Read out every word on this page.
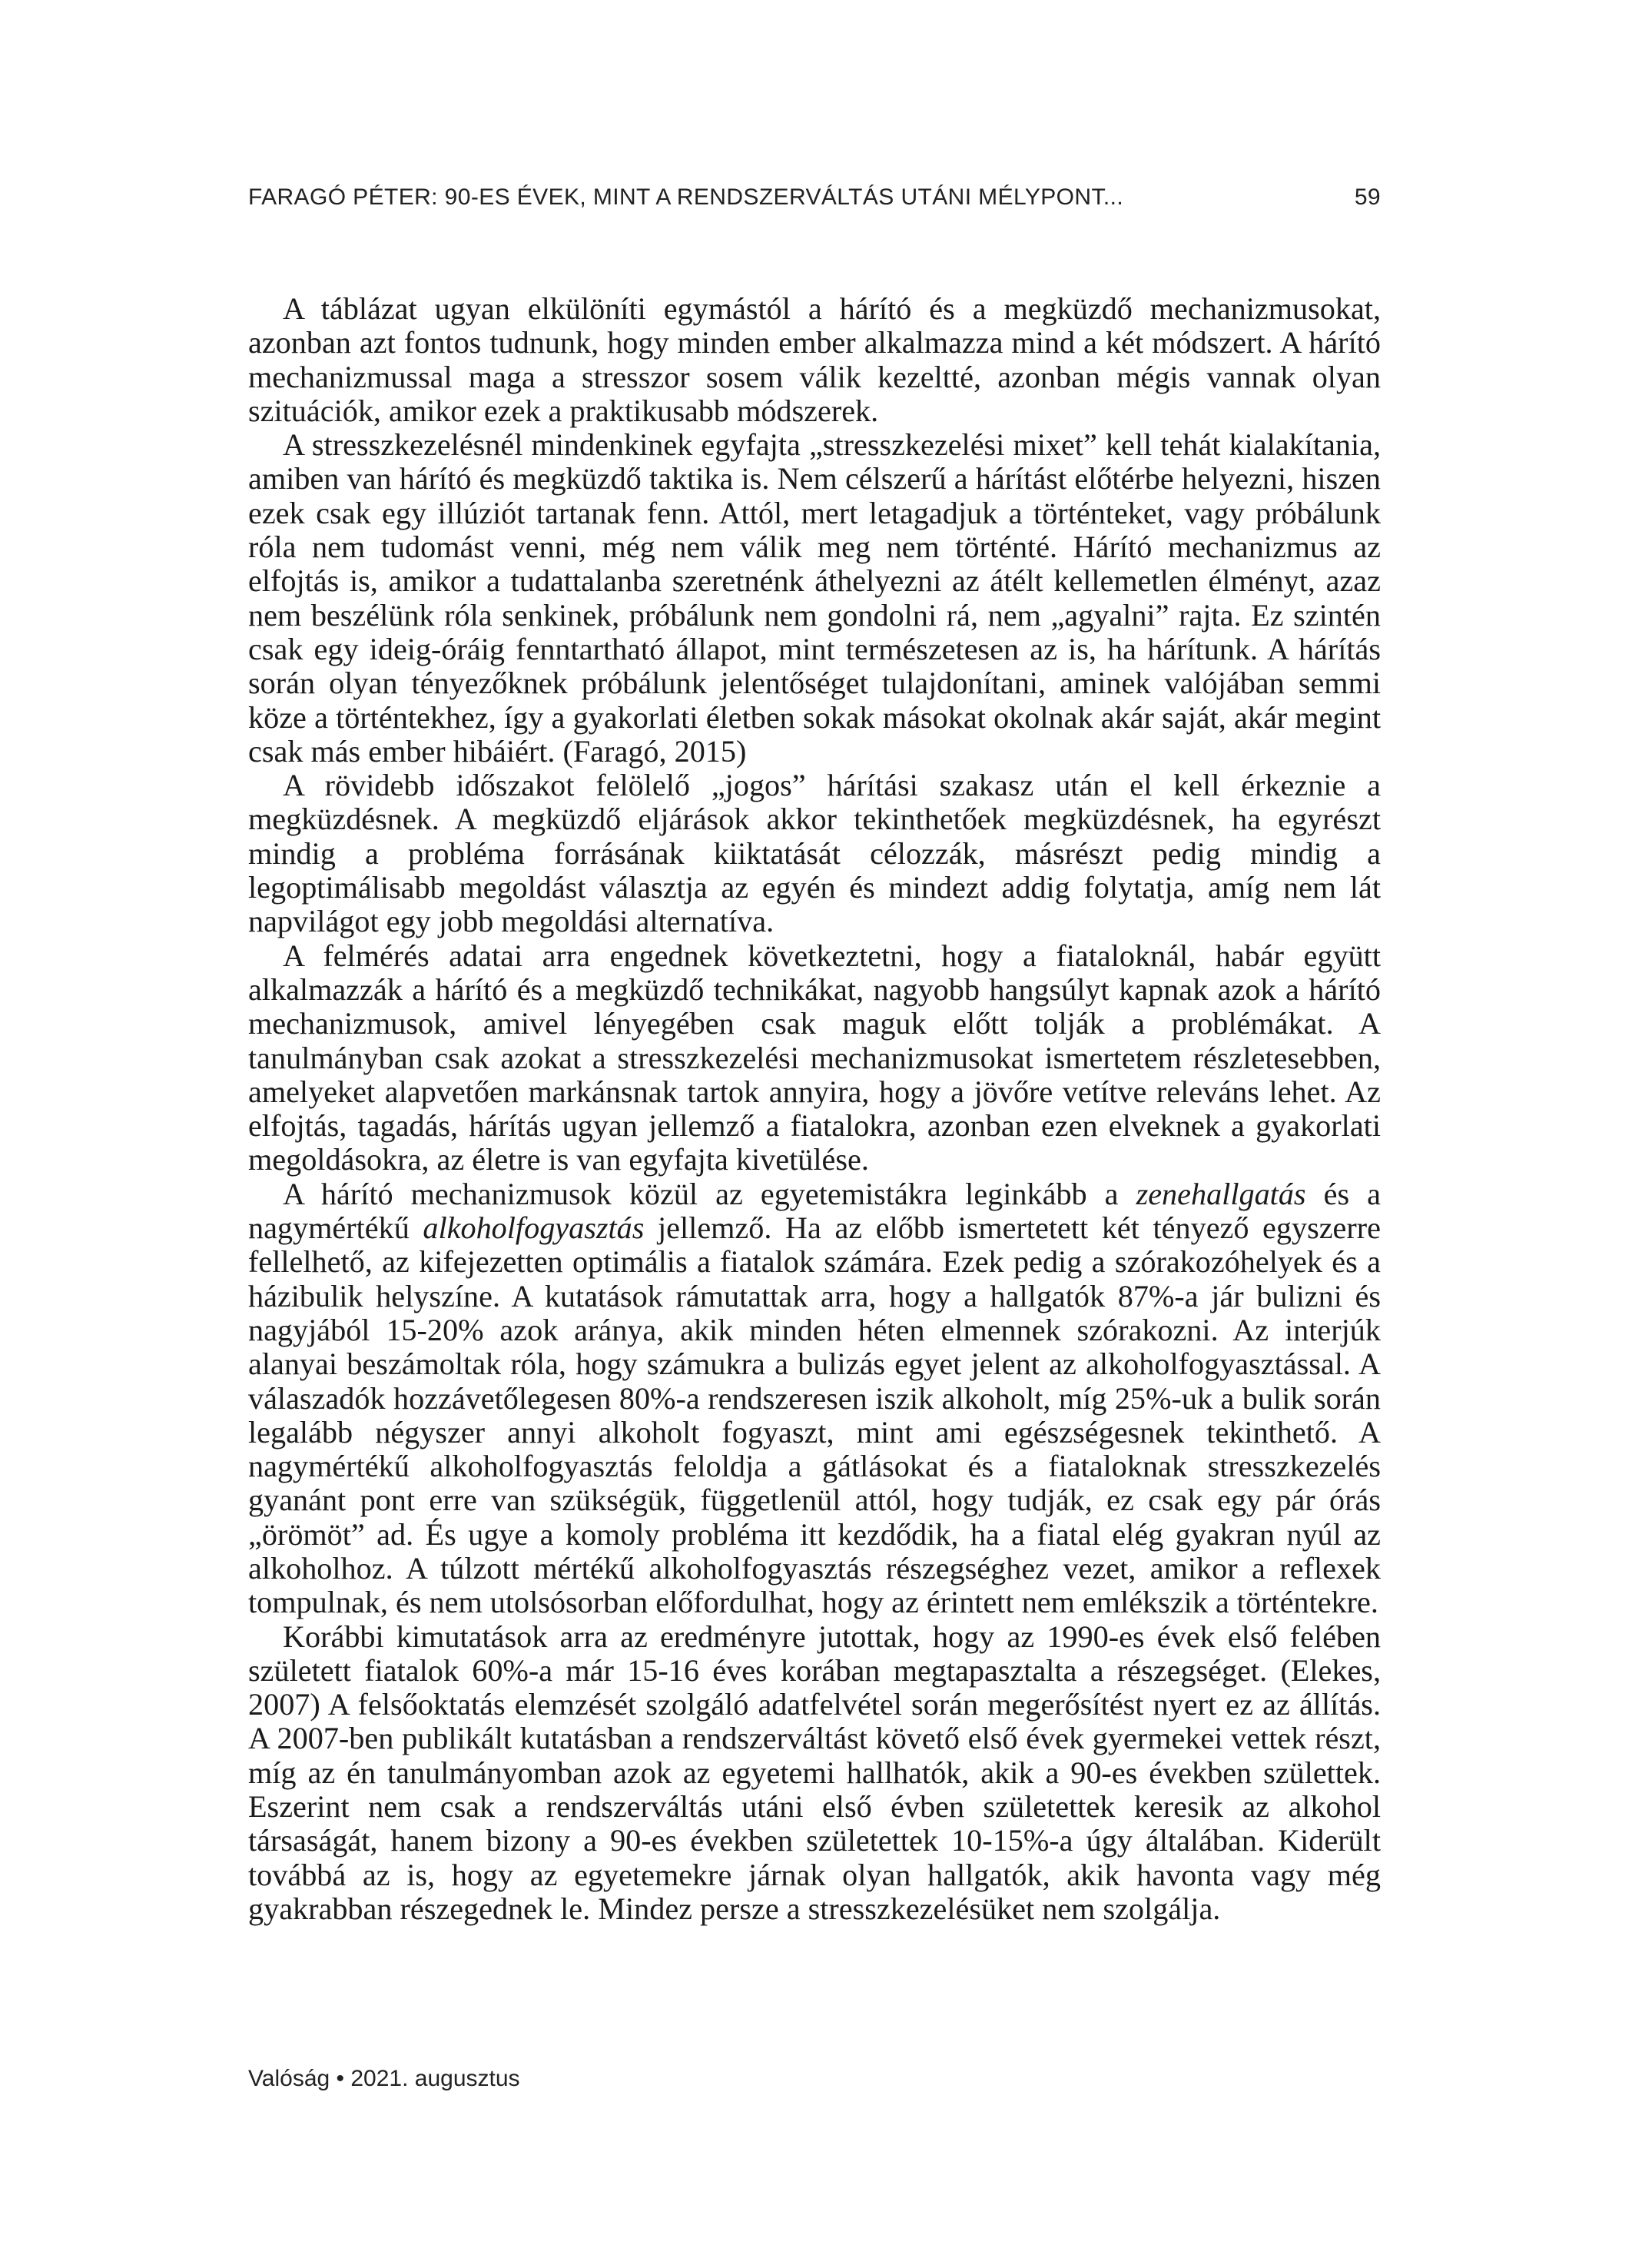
FARAGÓ PÉTER: 90-ES ÉVEK, MINT A RENDSZERVÁLTÁS UTÁNI MÉLYPONT...	59

A táblázat ugyan elkülöníti egymástól a hárító és a megküzdő mechanizmusokat, azonban azt fontos tudnunk, hogy minden ember alkalmazza mind a két módszert. A hárító mechanizmussal maga a stresszor sosem válik kezeltté, azonban mégis vannak olyan szituációk, amikor ezek a praktikusabb módszerek.

A stresszkezelésnél mindenkinek egyfajta „stresszkezelési mixet” kell tehát kialakítania, amiben van hárító és megküzdő taktika is. Nem célszerű a hárítást előtérbe helyezni, hiszen ezek csak egy illúziót tartanak fenn. Attól, mert letagadjuk a történteket, vagy próbálunk róla nem tudomást venni, még nem válik meg nem történté. Hárító mechanizmus az elfojtás is, amikor a tudattalanba szeretnénk áthelyezni az átélt kellemetlen élményt, azaz nem beszélünk róla senkinek, próbálunk nem gondolni rá, nem „agyalni” rajta. Ez szintén csak egy ideig-óráig fenntartható állapot, mint természetesen az is, ha hárítunk. A hárítás során olyan tényezőknek próbálunk jelentőséget tulajdonítani, aminek valójában semmi köze a történtekhez, így a gyakorlati életben sokak másokat okolnak akár saját, akár megint csak más ember hibáiért. (Faragó, 2015)

A rövidebb időszakot felölelő „jogos” hárítási szakasz után el kell érkeznie a megküzdésnek. A megküzdő eljárások akkor tekinthetőek megküzdésnek, ha egyrészt mindig a probléma forrásának kiiktatását célozzák, másrészt pedig mindig a legoptimálisabb megoldást választja az egyén és mindezt addig folytatja, amíg nem lát napvilágot egy jobb megoldási alternatíva.

A felmérés adatai arra engednek következtetni, hogy a fiataloknál, habár együtt alkalmazzák a hárító és a megküzdő technikákat, nagyobb hangsúlyt kapnak azok a hárító mechanizmusok, amivel lényegében csak maguk előtt tolják a problémákat. A tanulmányban csak azokat a stresszkezelési mechanizmusokat ismertetem részletesebben, amelyeket alapvetően markánsnak tartok annyira, hogy a jövőre vetítve releváns lehet. Az elfojtás, tagadás, hárítás ugyan jellemző a fiatalokra, azonban ezen elveknek a gyakorlati megoldásokra, az életre is van egyfajta kivetülése.

A hárító mechanizmusok közül az egyetemistákra leginkább a zenehallgatás és a nagymértékű alkoholfogyasztás jellemző. Ha az előbb ismertetett két tényező egyszerre fellelhető, az kifejezetten optimális a fiatalok számára. Ezek pedig a szórakozóhelyek és a házibulik helyszíne. A kutatások rámutattak arra, hogy a hallgatók 87%-a jár bulizni és nagyjából 15-20% azok aránya, akik minden héten elmennek szórakozni. Az interjúk alanyai beszámoltak róla, hogy számukra a bulizás egyet jelent az alkoholfogyasztással. A válaszadók hozzávetőlegesen 80%-a rendszeresen iszik alkoholt, míg 25%-uk a bulik során legalább négyszer annyi alkoholt fogyaszt, mint ami egészségesnek tekinthető. A nagymértékű alkoholfogyasztás feloldja a gátlásokat és a fiataloknak stresszkezelés gyanánt pont erre van szükségük, függetlenül attól, hogy tudják, ez csak egy pár órás „örömöt” ad. És ugye a komoly probléma itt kezdődik, ha a fiatal elég gyakran nyúl az alkoholhoz. A túlzott mértékű alkoholfogyasztás részegséghez vezet, amikor a reflexek tompulnak, és nem utolsósorban előfordulhat, hogy az érintett nem emlékszik a történtekre.

Korábbi kimutatások arra az eredményre jutottak, hogy az 1990-es évek első felében született fiatalok 60%-a már 15-16 éves korában megtapasztalta a részegséget. (Elekes, 2007) A felsőoktatás elemzését szolgáló adatfelvétel során megerősítést nyert ez az állítás. A 2007-ben publikált kutatásban a rendszerváltást követő első évek gyermekei vettek részt, míg az én tanulmányomban azok az egyetemi hallhatók, akik a 90-es években születtek. Eszerint nem csak a rendszerváltás utáni első évben születettek keresik az alkohol társaságát, hanem bizony a 90-es években születettek 10-15%-a úgy általában. Kiderült továbbá az is, hogy az egyetemekre járnak olyan hallgatók, akik havonta vagy még gyakrabban részegednek le. Mindez persze a stresszkezelésüket nem szolgálja.

Valóság • 2021. augusztus
